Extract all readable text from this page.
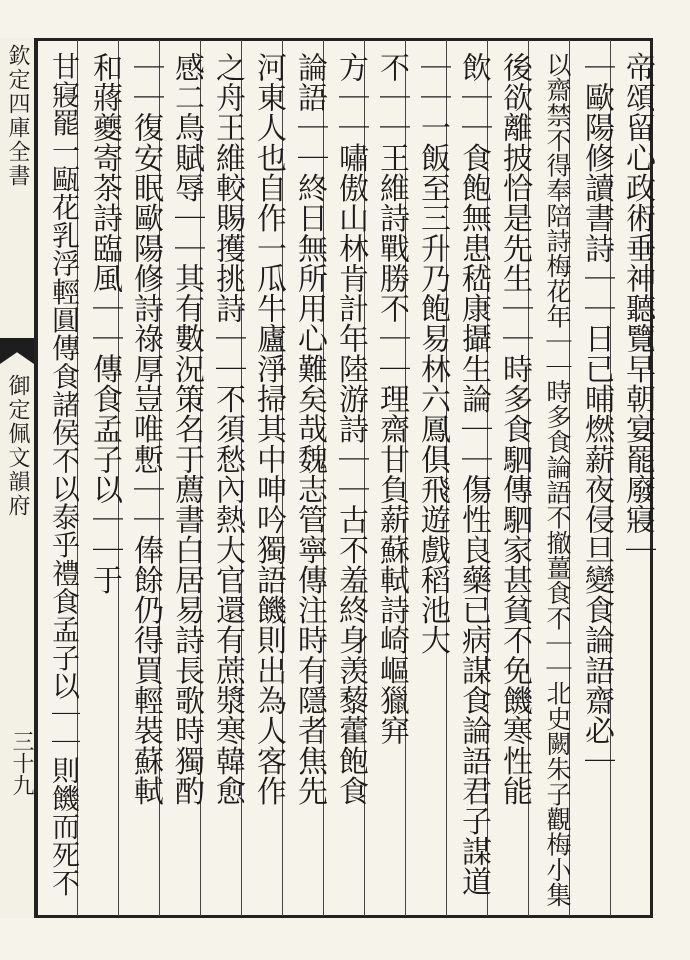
欽定四庫全書
御定佩文韻府
三十九
帝頌留心政術垂神聽覽早朝宴罷廢寢｜
｜歐陽修讀書詩｜｜日已晡燃薪夜侵旦變食論語齋必｜
以齋禁不得奉陪詩梅花年｜｜時多食論語不撤薑食不｜｜北史闕朱子觀梅小集
後欲離披恰是先生｜｜時多食駟傳駟家甚貧不免饑寒性能
飲｜｜食飽無患嵇康攝生論｜｜傷性良藥已病謀食論語君子謀道
｜｜一飯至三升乃飽易林六鳳俱飛遊戲稻池大
不｜｜王維詩戰勝不｜｜理齋甘負薪蘇軾詩崎嶇獵穽
方｜｜嘯傲山林肯計年陸游詩｜｜古不羞終身羡藜藿飽食
論語｜｜終日無所用心難矣哉魏志管寧傳注時有隱者焦先
河東人也自作一瓜牛廬淨掃其中呻吟獨語饑則出為人客作
之舟王維較賜擭挑詩｜｜不須愁內熱大官還有蔗漿寒韓愈
感二鳥賦辱｜｜其有數況策名于薦書白居易詩長歌時獨酌
｜｜復安眠歐陽修詩祿厚豈唯慙｜｜俸餘仍得買輕裝蘇軾
和蔣夔寄茶詩臨風｜｜傳食孟子以｜｜于
甘寢罷一甌花乳浮輕圓傳食諸侯不以泰乎禮食孟子以｜｜則饑而死不
